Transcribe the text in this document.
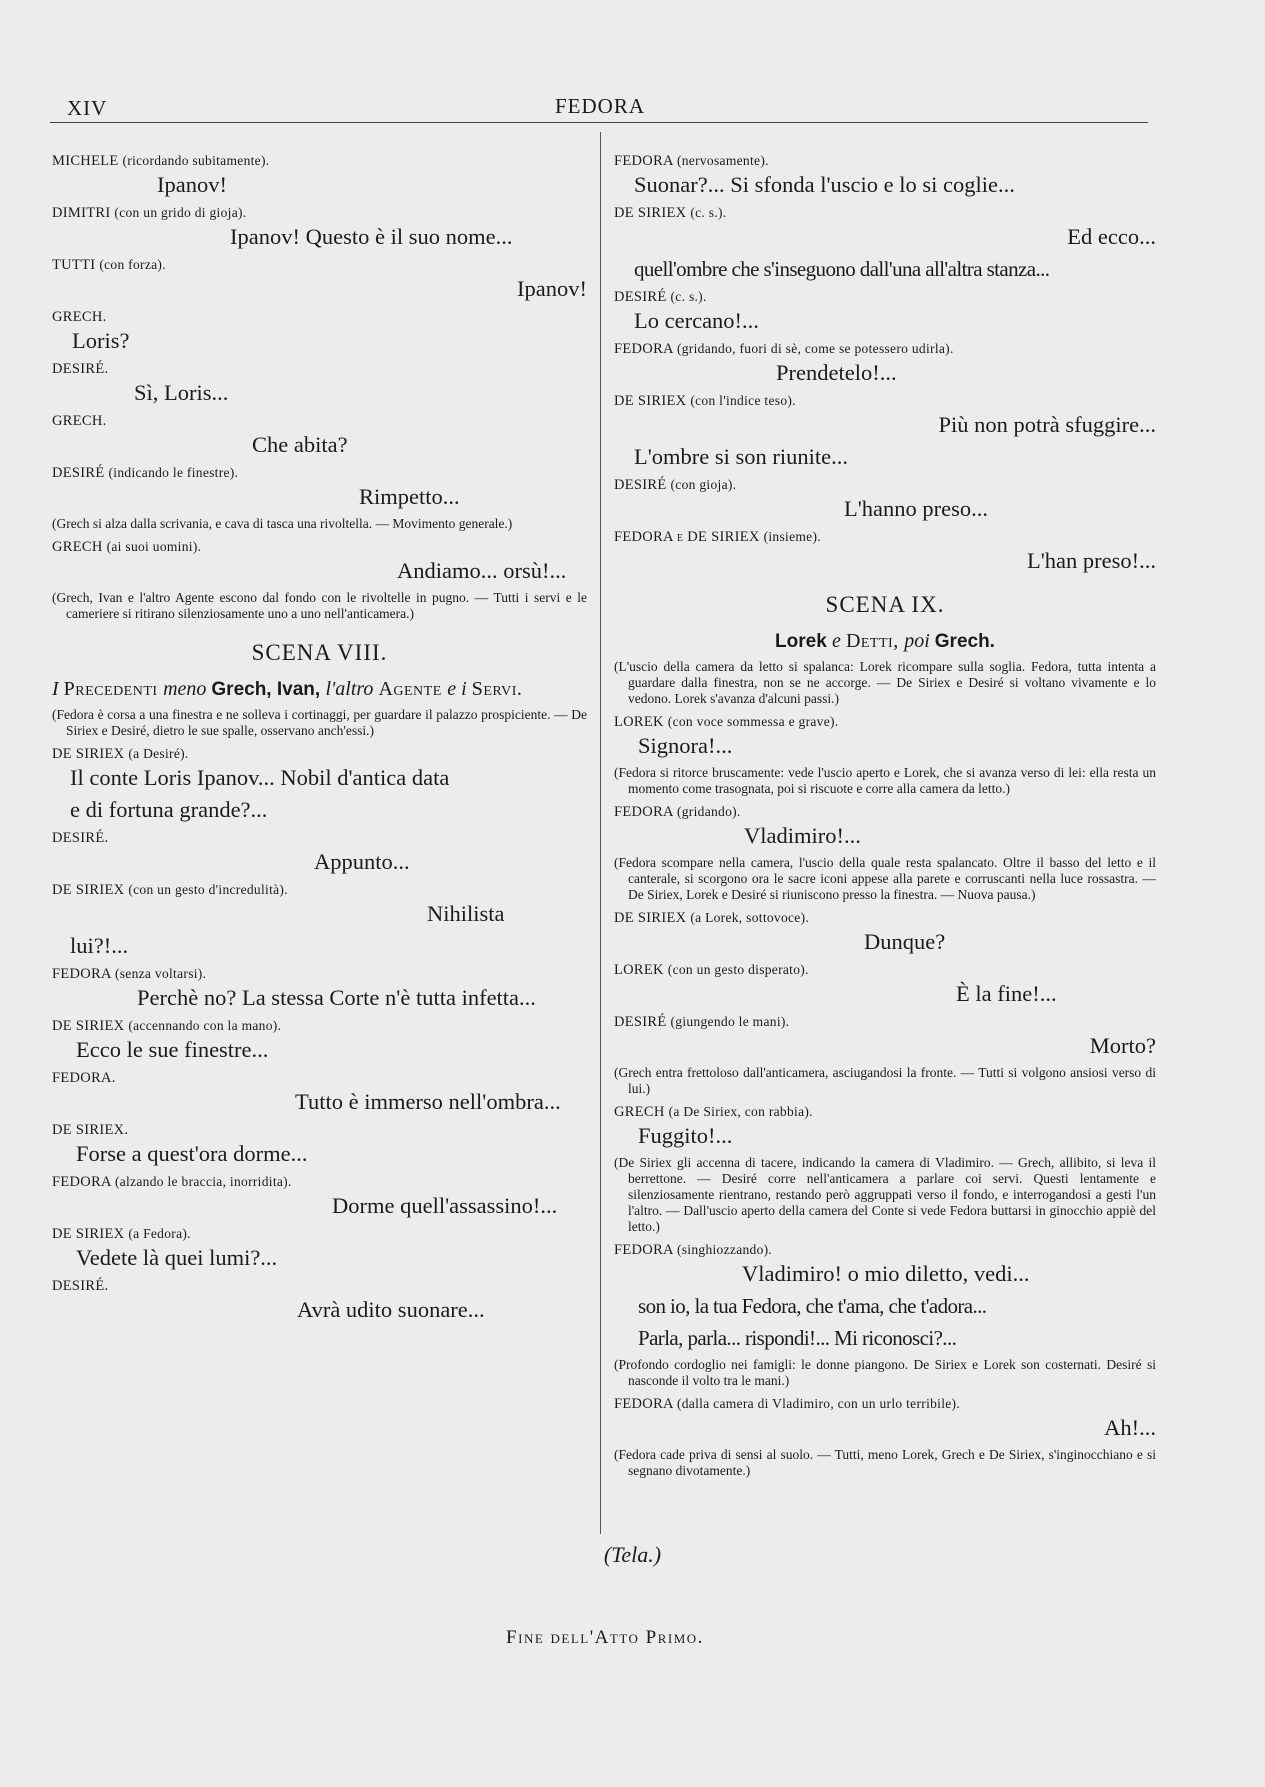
XIV	FEDORA

MICHELE (ricordando subitamente).

Ipanov!

DIMITRI (con un grido di gioja).

Ipanov! Questo è il suo nome...

TUTTI (con forza).

Ipanov!

GRECH.

Loris?

DESIRÉ.

Sì, Loris...

GRECH.

Che abita?

DESIRÉ (indicando le finestre).

Rimpetto...

(Grech si alza dalla scrivania, e cava di tasca una rivoltella. — Movimento generale.)

GRECH (ai suoi uomini).

Andiamo... orsù!...

(Grech, Ivan e l'altro Agente escono dal fondo con le rivoltelle in pugno. — Tutti i servi e le cameriere si ritirano silenziosamente uno a uno nell'anticamera.)

SCENA VIII.
I Precedenti meno Grech, Ivan, l'altro Agente e i Servi.

(Fedora è corsa a una finestra e ne solleva i cortinaggi, per guardare il palazzo prospiciente. — De Siriex e Desiré, dietro le sue spalle, osservano anch'essi.)

DE SIRIEX (a Desiré).

Il conte Loris Ipanov... Nobil d'antica data

e di fortuna grande?...

DESIRÉ.

Appunto...

DE SIRIEX (con un gesto d'incredulità).

Nihilista

lui?!...

FEDORA (senza voltarsi).

Perchè no? La stessa Corte n'è tutta infetta...

DE SIRIEX (accennando con la mano).

Ecco le sue finestre...

FEDORA.

Tutto è immerso nell'ombra...

DE SIRIEX.

Forse a quest'ora dorme...

FEDORA (alzando le braccia, inorridita).

Dorme quell'assassino!...

DE SIRIEX (a Fedora).

Vedete là quei lumi?...

DESIRÉ.

Avrà udito suonare...

FEDORA (nervosamente).

Suonar?... Si sfonda l'uscio e lo si coglie...

DE SIRIEX (c. s.).

Ed ecco...

quell'ombre che s'inseguono dall'una all'altra stanza...

DESIRÉ (c. s.).

Lo cercano!...

FEDORA (gridando, fuori di sè, come se potessero udirla).

Prendetelo!...

DE SIRIEX (con l'indice teso).

Più non potrà sfuggire...

L'ombre si son riunite...

DESIRÉ (con gioja).

L'hanno preso...

FEDORA e DE SIRIEX (insieme).

L'han preso!...

SCENA IX.
Lorek e Detti, poi Grech.

(L'uscio della camera da letto si spalanca: Lorek ricompare sulla soglia. Fedora, tutta intenta a guardare dalla finestra, non se ne accorge. — De Siriex e Desiré si voltano vivamente e lo vedono. Lorek s'avanza d'alcuni passi.)

LOREK (con voce sommessa e grave).

Signora!...

(Fedora si ritorce bruscamente: vede l'uscio aperto e Lorek, che si avanza verso di lei: ella resta un momento come trasognata, poi si riscuote e corre alla camera da letto.)

FEDORA (gridando).

Vladimiro!...

(Fedora scompare nella camera, l'uscio della quale resta spalancato. Oltre il basso del letto e il canterale, si scorgono ora le sacre iconi appese alla parete e corruscanti nella luce rossastra. — De Siriex, Lorek e Desiré si riuniscono presso la finestra. — Nuova pausa.)

DE SIRIEX (a Lorek, sottovoce).

Dunque?

LOREK (con un gesto disperato).

È la fine!...

DESIRÉ (giungendo le mani).

Morto?

(Grech entra frettoloso dall'anticamera, asciugandosi la fronte. — Tutti si volgono ansiosi verso di lui.)

GRECH (a De Siriex, con rabbia).

Fuggito!...

(De Siriex gli accenna di tacere, indicando la camera di Vladimiro. — Grech, allibito, si leva il berrettone. — Desiré corre nell'anticamera a parlare coi servi. Questi lentamente e silenziosamente rientrano, restando però aggruppati verso il fondo, e interrogandosi a gesti l'un l'altro. — Dall'uscio aperto della camera del Conte si vede Fedora buttarsi in ginocchio appiè del letto.)

FEDORA (singhiozzando).

Vladimiro! o mio diletto, vedi...

son io, la tua Fedora, che t'ama, che t'adora...

Parla, parla... rispondi!... Mi riconosci?...

(Profondo cordoglio nei famigli: le donne piangono. De Siriex e Lorek son costernati. Desiré si nasconde il volto tra le mani.)

FEDORA (dalla camera di Vladimiro, con un urlo terribile).

Ah!...

(Fedora cade priva di sensi al suolo. — Tutti, meno Lorek, Grech e De Siriex, s'inginocchiano e si segnano divotamente.)

(Tela.)
Fine dell'Atto Primo.
